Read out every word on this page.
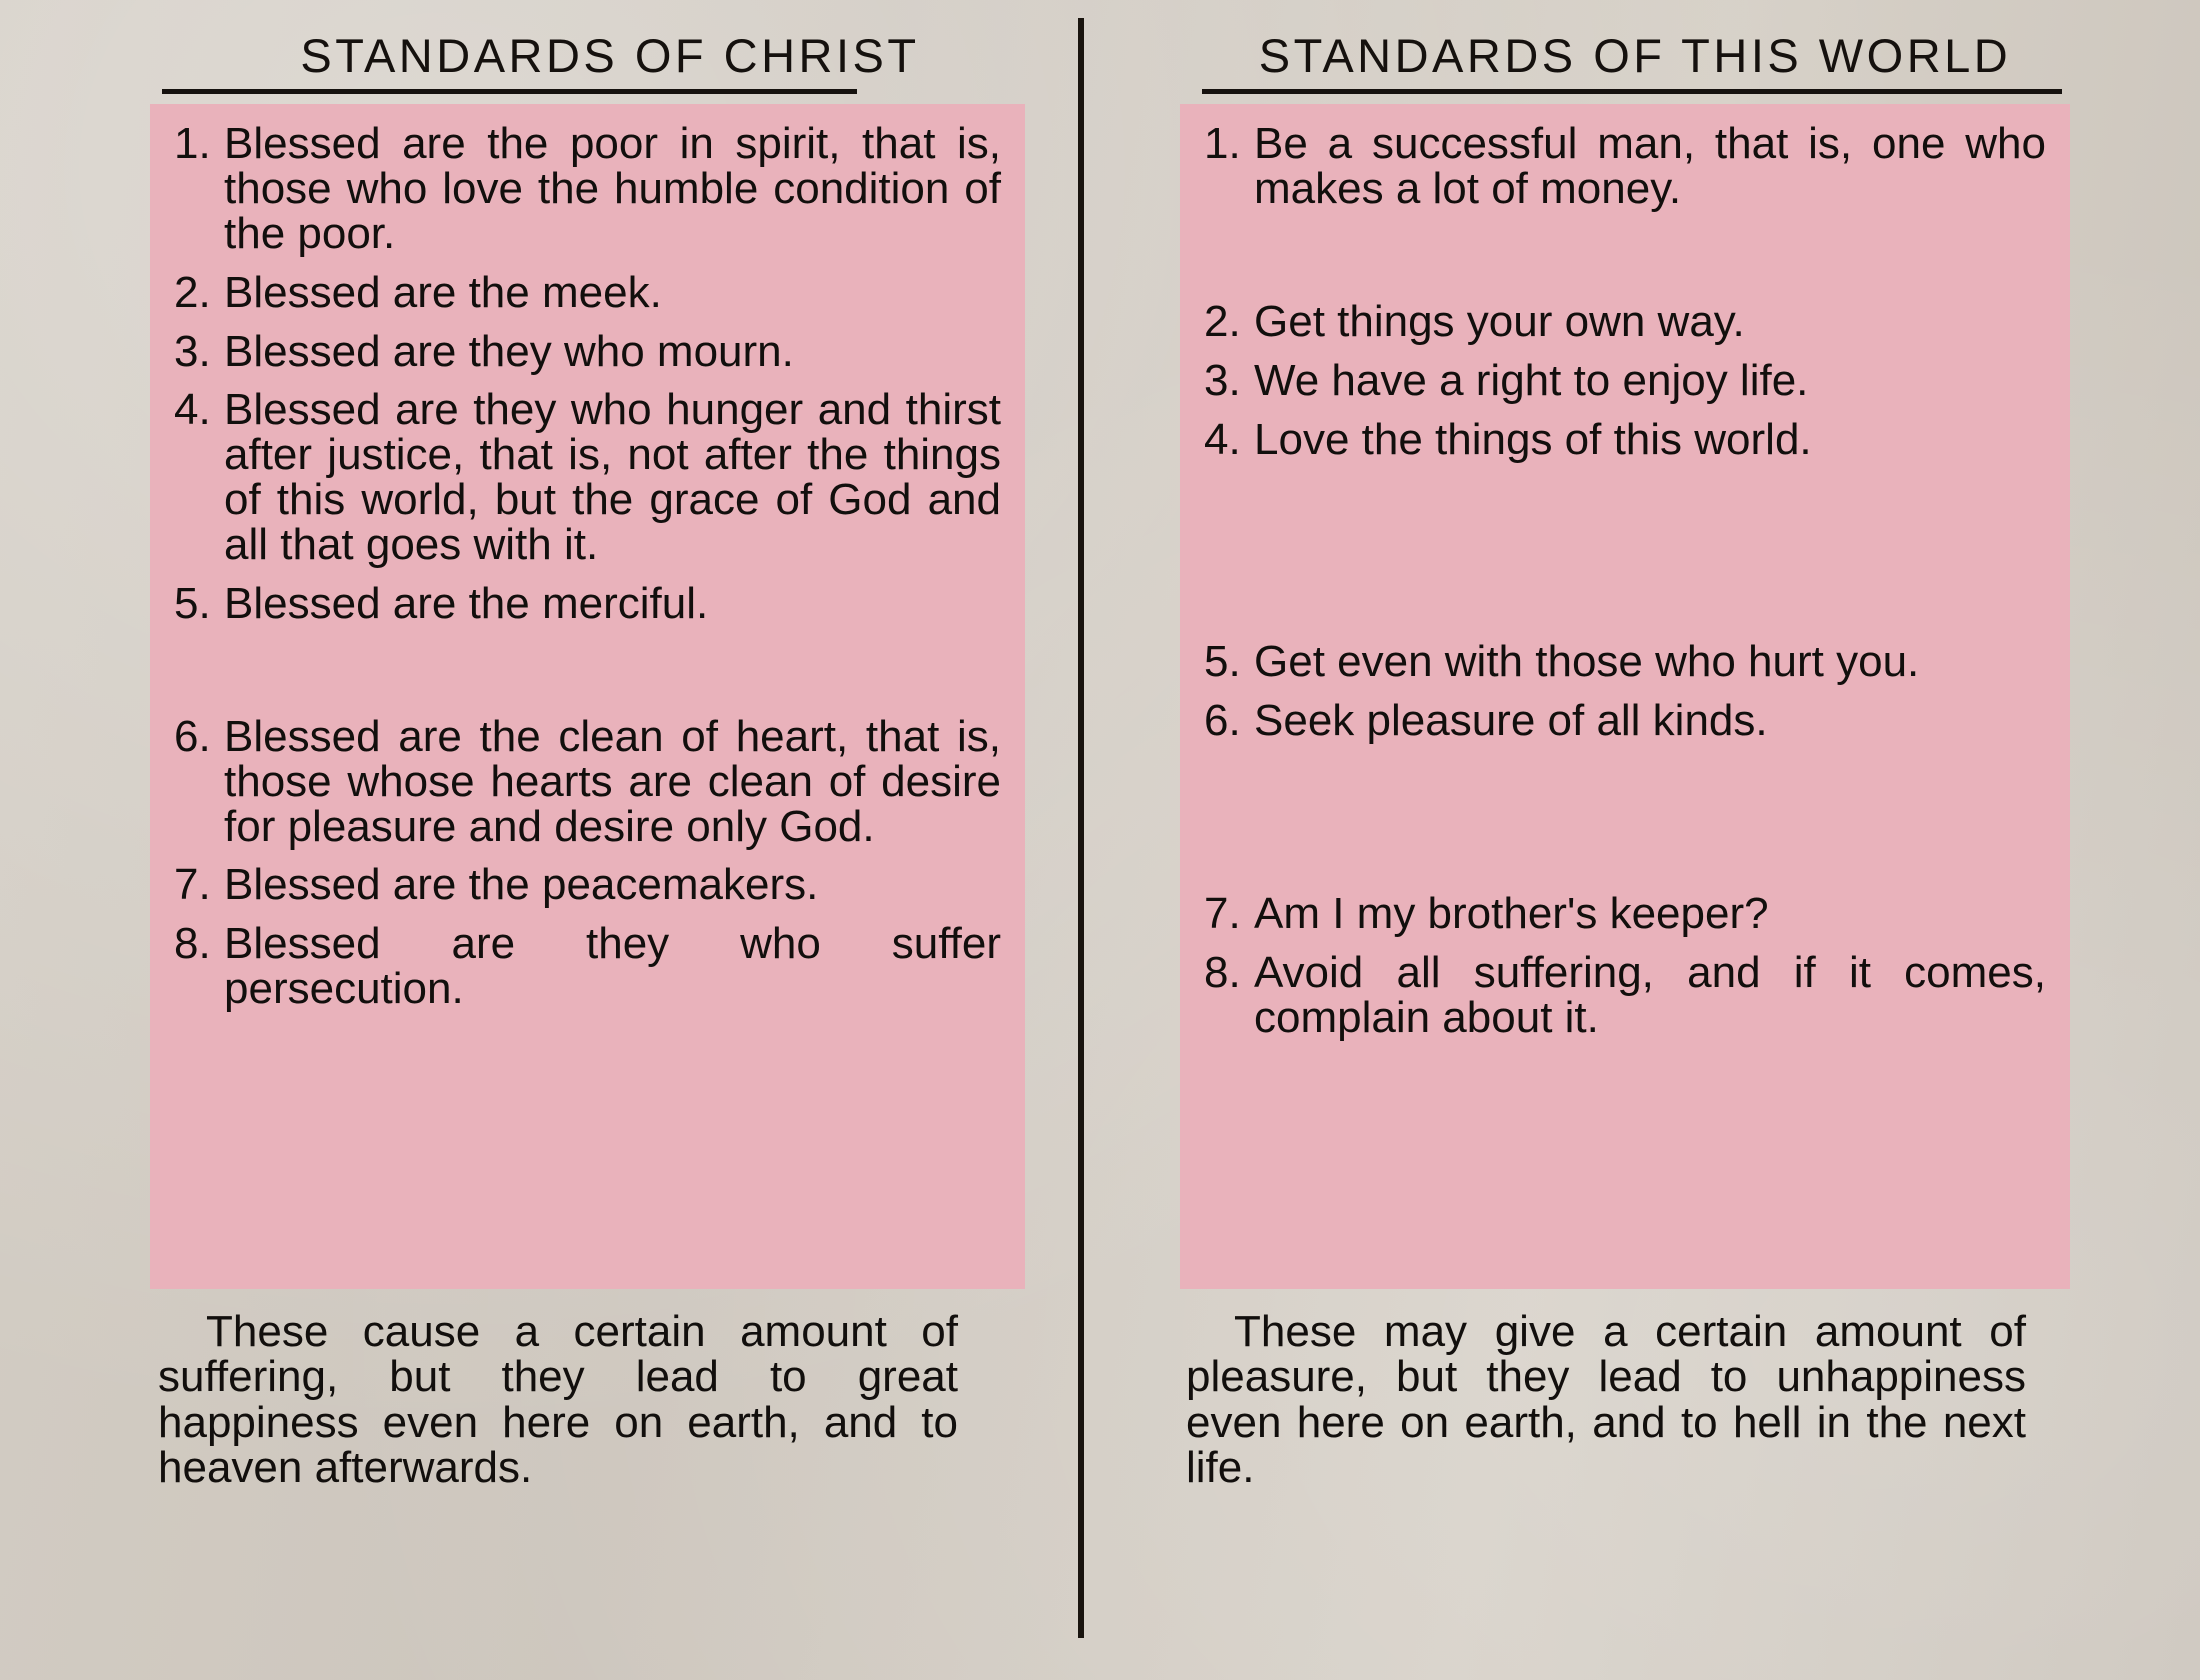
STANDARDS OF CHRIST
1. Blessed are the poor in spirit, that is, those who love the humble condition of the poor.
2. Blessed are the meek.
3. Blessed are they who mourn.
4. Blessed are they who hunger and thirst after justice, that is, not after the things of this world, but the grace of God and all that goes with it.
5. Blessed are the merciful.
6. Blessed are the clean of heart, that is, those whose hearts are clean of desire for pleasure and desire only God.
7. Blessed are the peacemakers.
8. Blessed are they who suffer persecution.
These cause a certain amount of suffering, but they lead to great happiness even here on earth, and to heaven afterwards.
STANDARDS OF THIS WORLD
1. Be a successful man, that is, one who makes a lot of money.
2. Get things your own way.
3. We have a right to enjoy life.
4. Love the things of this world.
5. Get even with those who hurt you.
6. Seek pleasure of all kinds.
7. Am I my brother's keeper?
8. Avoid all suffering, and if it comes, complain about it.
These may give a certain amount of pleasure, but they lead to unhappiness even here on earth, and to hell in the next life.
